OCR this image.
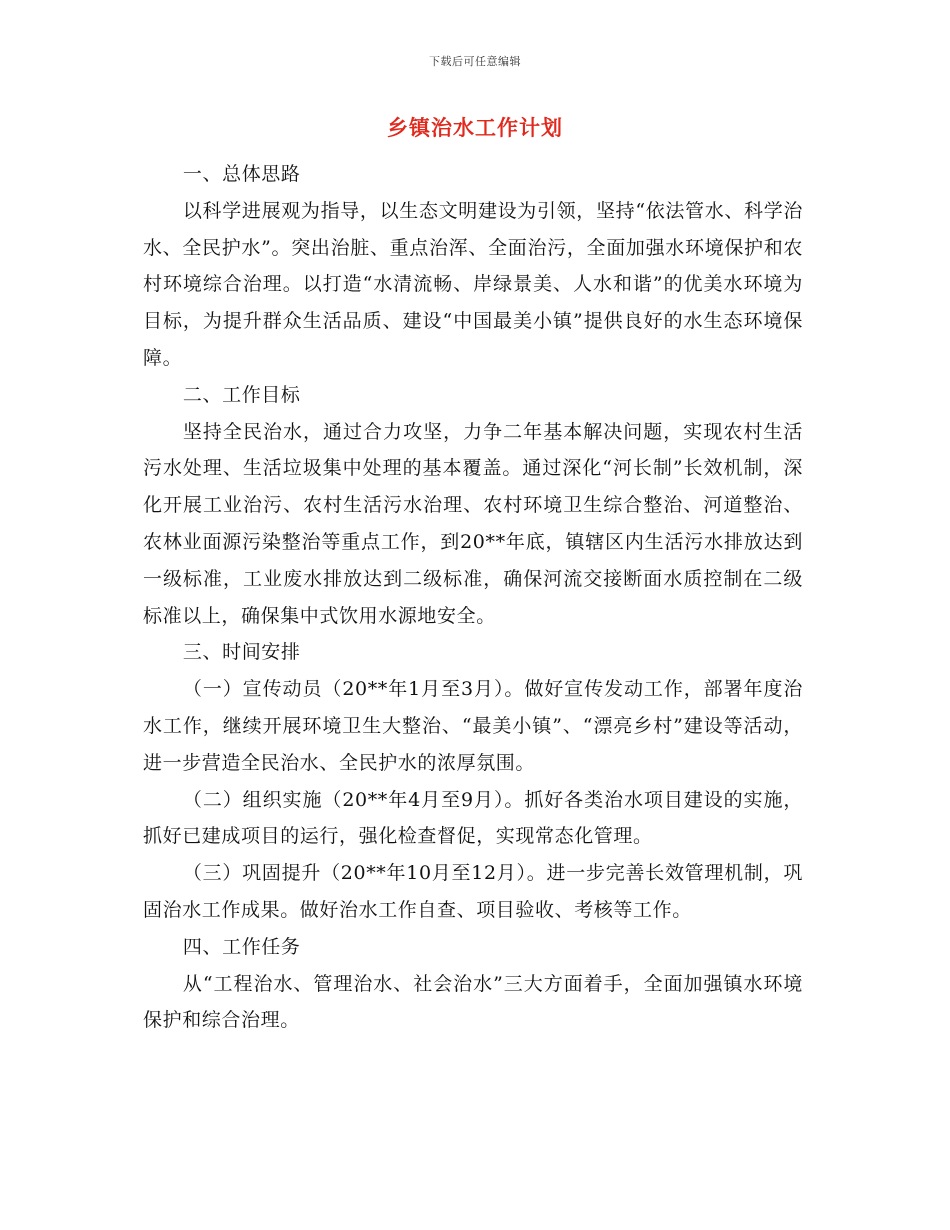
下载后可任意编辑
乡镇治水工作计划

一、总体思路

以科学进展观为指导，以生态文明建设为引领，坚持“依法管水、科学治水、全民护水”。突出治脏、重点治浑、全面治污，全面加强水环境保护和农村环境综合治理。以打造“水清流畅、岸绿景美、人水和谐”的优美水环境为目标，为提升群众生活品质、建设“中国最美小镇”提供良好的水生态环境保障。

二、工作目标

坚持全民治水，通过合力攻坚，力争二年基本解决问题，实现农村生活污水处理、生活垃圾集中处理的基本覆盖。通过深化“河长制”长效机制，深化开展工业治污、农村生活污水治理、农村环境卫生综合整治、河道整治、农林业面源污染整治等重点工作，到20**年底，镇辖区内生活污水排放达到一级标准，工业废水排放达到二级标准，确保河流交接断面水质控制在二级标准以上，确保集中式饮用水源地安全。

三、时间安排

（一）宣传动员（20**年1月至3月）。做好宣传发动工作，部署年度治水工作，继续开展环境卫生大整治、“最美小镇”、“漂亮乡村”建设等活动，进一步营造全民治水、全民护水的浓厚氛围。

（二）组织实施（20**年4月至9月）。抓好各类治水项目建设的实施，抓好已建成项目的运行，强化检查督促，实现常态化管理。

（三）巩固提升（20**年10月至12月）。进一步完善长效管理机制，巩固治水工作成果。做好治水工作自查、项目验收、考核等工作。

四、工作任务

从“工程治水、管理治水、社会治水”三大方面着手，全面加强镇水环境保护和综合治理。
